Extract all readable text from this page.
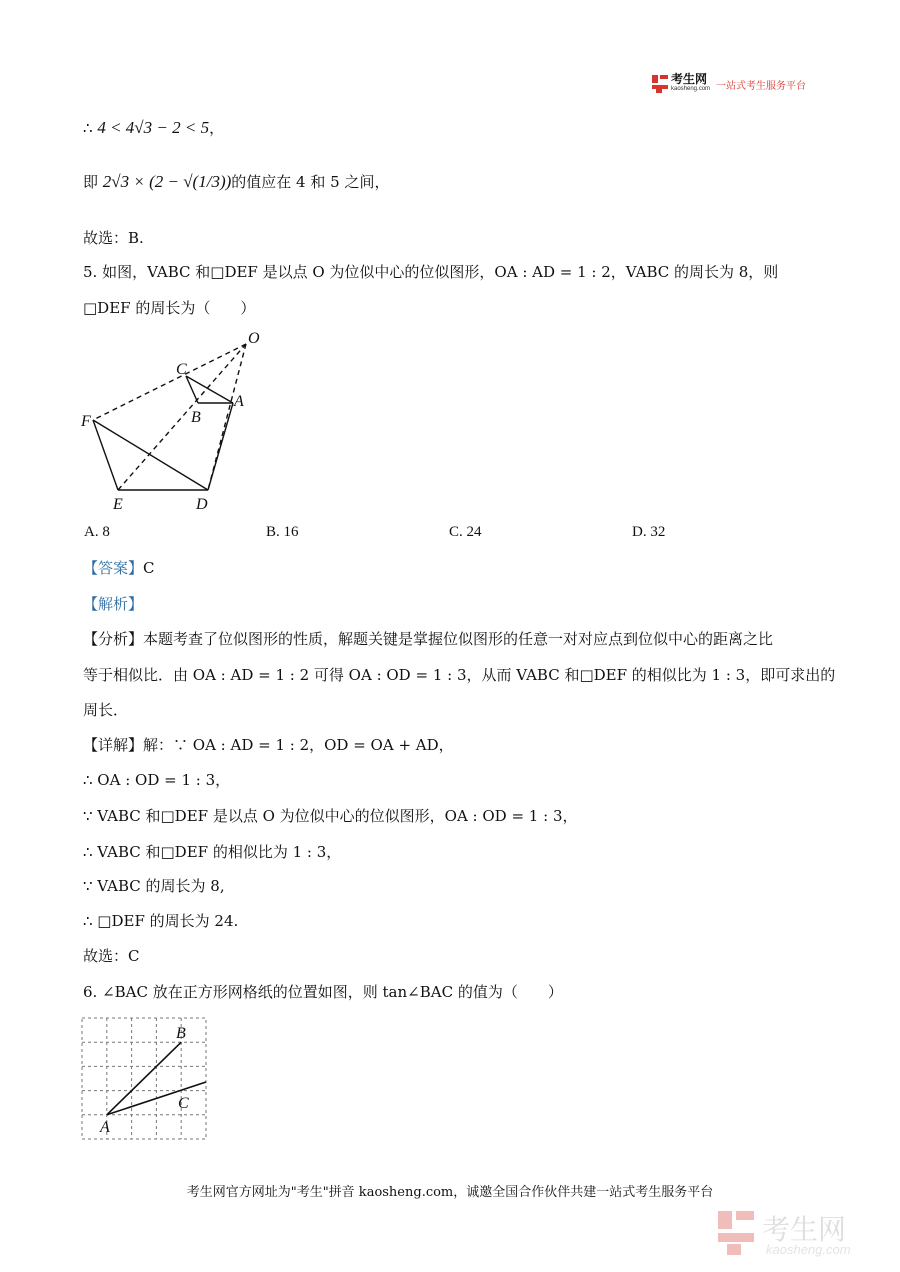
考生网
kaosheng.com 一站式考生服务平台
∴ 4 < 4√3 − 2 < 5，
即 2√3 × (2 − √(1/3))的值应在 4 和 5 之间，
故选：B.
5. 如图，VABC 和□DEF 是以点 O 为位似中心的位似图形，OA : AD = 1 : 2，VABC 的周长为 8，则
□DEF 的周长为（　　）
O
C
B
A
F
E	D
A. 8	B. 16	C. 24	D. 32
【答案】C
【解析】
【分析】本题考查了位似图形的性质，解题关键是掌握位似图形的任意一对对应点到位似中心的距离之比
等于相似比．由 OA : AD = 1 : 2 可得 OA : OD = 1 : 3，从而 VABC 和□DEF 的相似比为 1 : 3，即可求出的
周长．
【详解】解：∵ OA : AD = 1 : 2，OD = OA + AD，
∴ OA : OD = 1 : 3，
∵ VABC 和□DEF 是以点 O 为位似中心的位似图形，OA : OD = 1 : 3，
∴ VABC 和□DEF 的相似比为 1 : 3，
∵ VABC 的周长为 8,
∴ □DEF 的周长为 24.
故选：C
6. ∠BAC 放在正方形网格纸的位置如图，则 tan∠BAC 的值为（　　）
B
C
A
考生网官方网址为"考生"拼音 kaosheng.com，诚邀全国合作伙伴共建一站式考生服务平台
考生网
kaosheng.com
